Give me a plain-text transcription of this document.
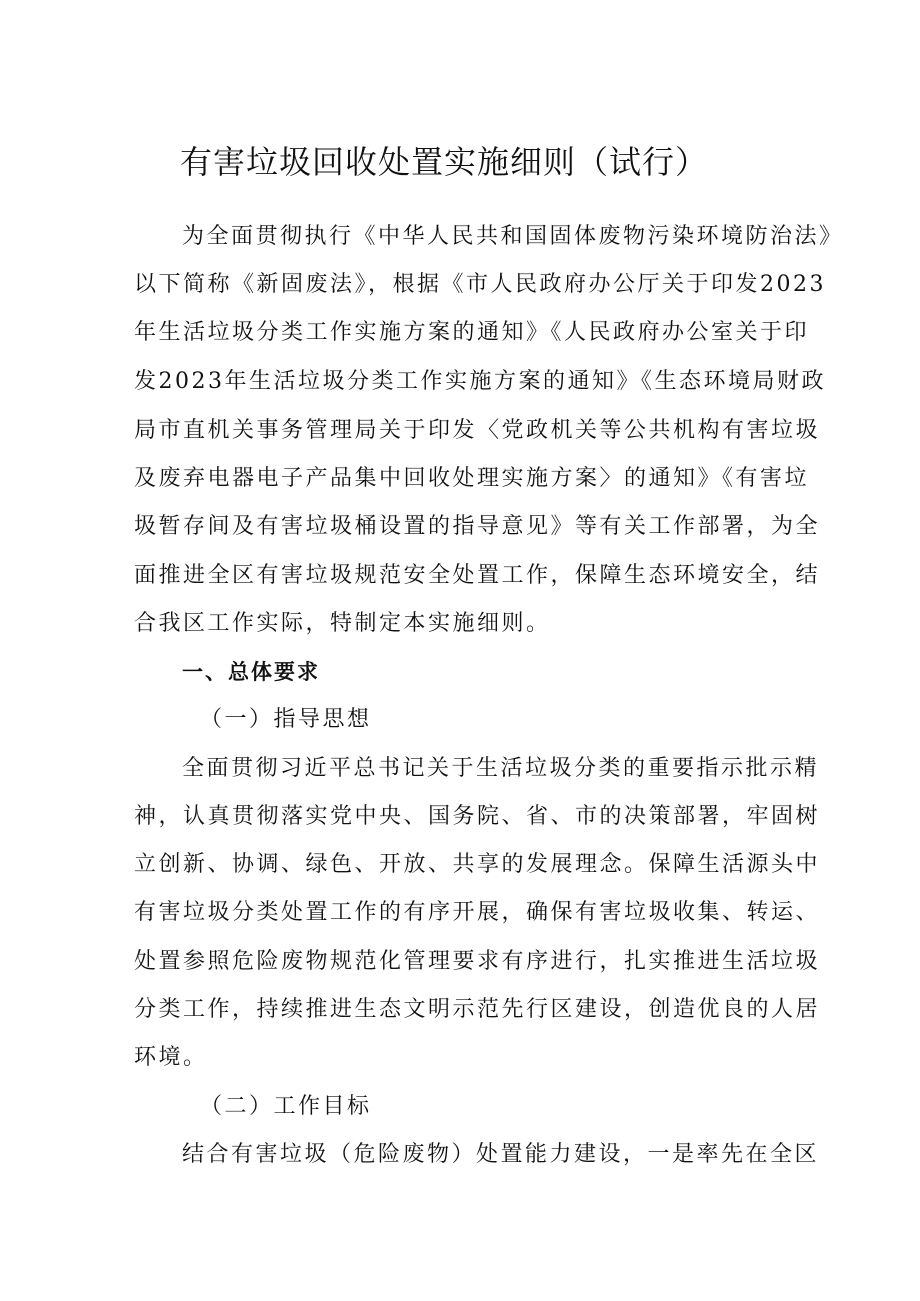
有害垃圾回收处置实施细则（试行）
为全面贯彻执行《中华人民共和国固体废物污染环境防治法》
以下简称《新固废法》，根据《市人民政府办公厅关于印发2023
年生活垃圾分类工作实施方案的通知》《人民政府办公室关于印
发2023年生活垃圾分类工作实施方案的通知》《生态环境局财政
局市直机关事务管理局关于印发〈党政机关等公共机构有害垃圾
及废弃电器电子产品集中回收处理实施方案〉的通知》《有害垃
圾暂存间及有害垃圾桶设置的指导意见》等有关工作部署，为全
面推进全区有害垃圾规范安全处置工作，保障生态环境安全，结
合我区工作实际，特制定本实施细则。
一、总体要求
（一）指导思想
全面贯彻习近平总书记关于生活垃圾分类的重要指示批示精
神，认真贯彻落实党中央、国务院、省、市的决策部署，牢固树
立创新、协调、绿色、开放、共享的发展理念。保障生活源头中
有害垃圾分类处置工作的有序开展，确保有害垃圾收集、转运、
处置参照危险废物规范化管理要求有序进行，扎实推进生活垃圾
分类工作，持续推进生态文明示范先行区建设，创造优良的人居
环境。
（二）工作目标
结合有害垃圾（危险废物）处置能力建设，一是率先在全区
